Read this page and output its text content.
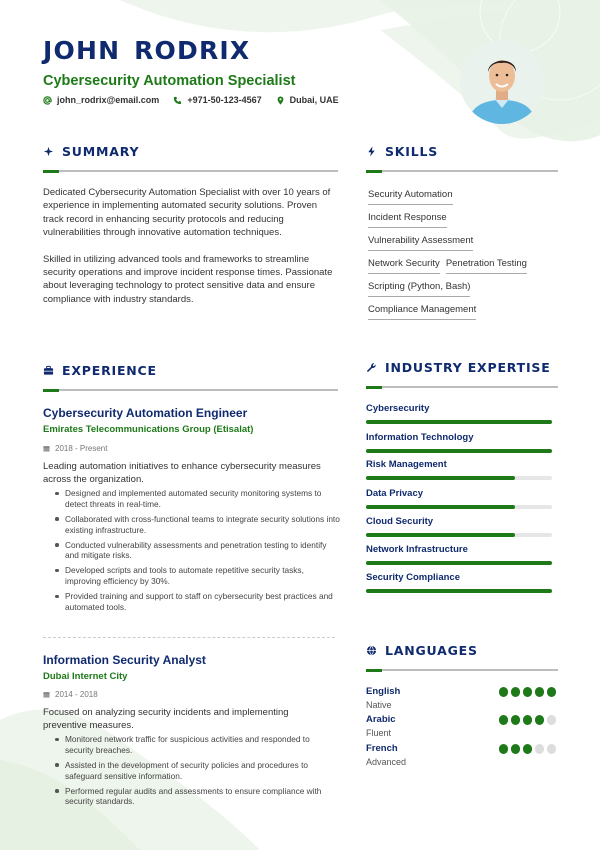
JOHN RODRIX
Cybersecurity Automation Specialist
john_rodrix@email.com	+971-50-123-4567	Dubai, UAE
SUMMARY

Dedicated Cybersecurity Automation Specialist with over 10 years of experience in implementing automated security solutions. Proven track record in enhancing security protocols and reducing vulnerabilities through innovative automation techniques.

Skilled in utilizing advanced tools and frameworks to streamline security operations and improve incident response times. Passionate about leveraging technology to protect sensitive data and ensure compliance with industry standards.

SKILLS
Security Automation
Incident Response
Vulnerability Assessment
Network Security Penetration Testing
Scripting (Python, Bash)
Compliance Management
EXPERIENCE
Cybersecurity Automation Engineer
Emirates Telecommunications Group (Etisalat)
2018 - Present
Leading automation initiatives to enhance cybersecurity measures across the organization.
Designed and implemented automated security monitoring systems to detect threats in real-time.
Collaborated with cross-functional teams to integrate security solutions into existing infrastructure.
Conducted vulnerability assessments and penetration testing to identify and mitigate risks.
Developed scripts and tools to automate repetitive security tasks, improving efficiency by 30%.
Provided training and support to staff on cybersecurity best practices and automated tools.
Information Security Analyst
Dubai Internet City
2014 - 2018
Focused on analyzing security incidents and implementing preventive measures.
Monitored network traffic for suspicious activities and responded to security breaches.
Assisted in the development of security policies and procedures to safeguard sensitive information.
Performed regular audits and assessments to ensure compliance with security standards.
INDUSTRY EXPERTISE
Cybersecurity
Information Technology
Risk Management
Data Privacy
Cloud Security
Network Infrastructure
Security Compliance
LANGUAGES
English
Native
Arabic
Fluent
French
Advanced
